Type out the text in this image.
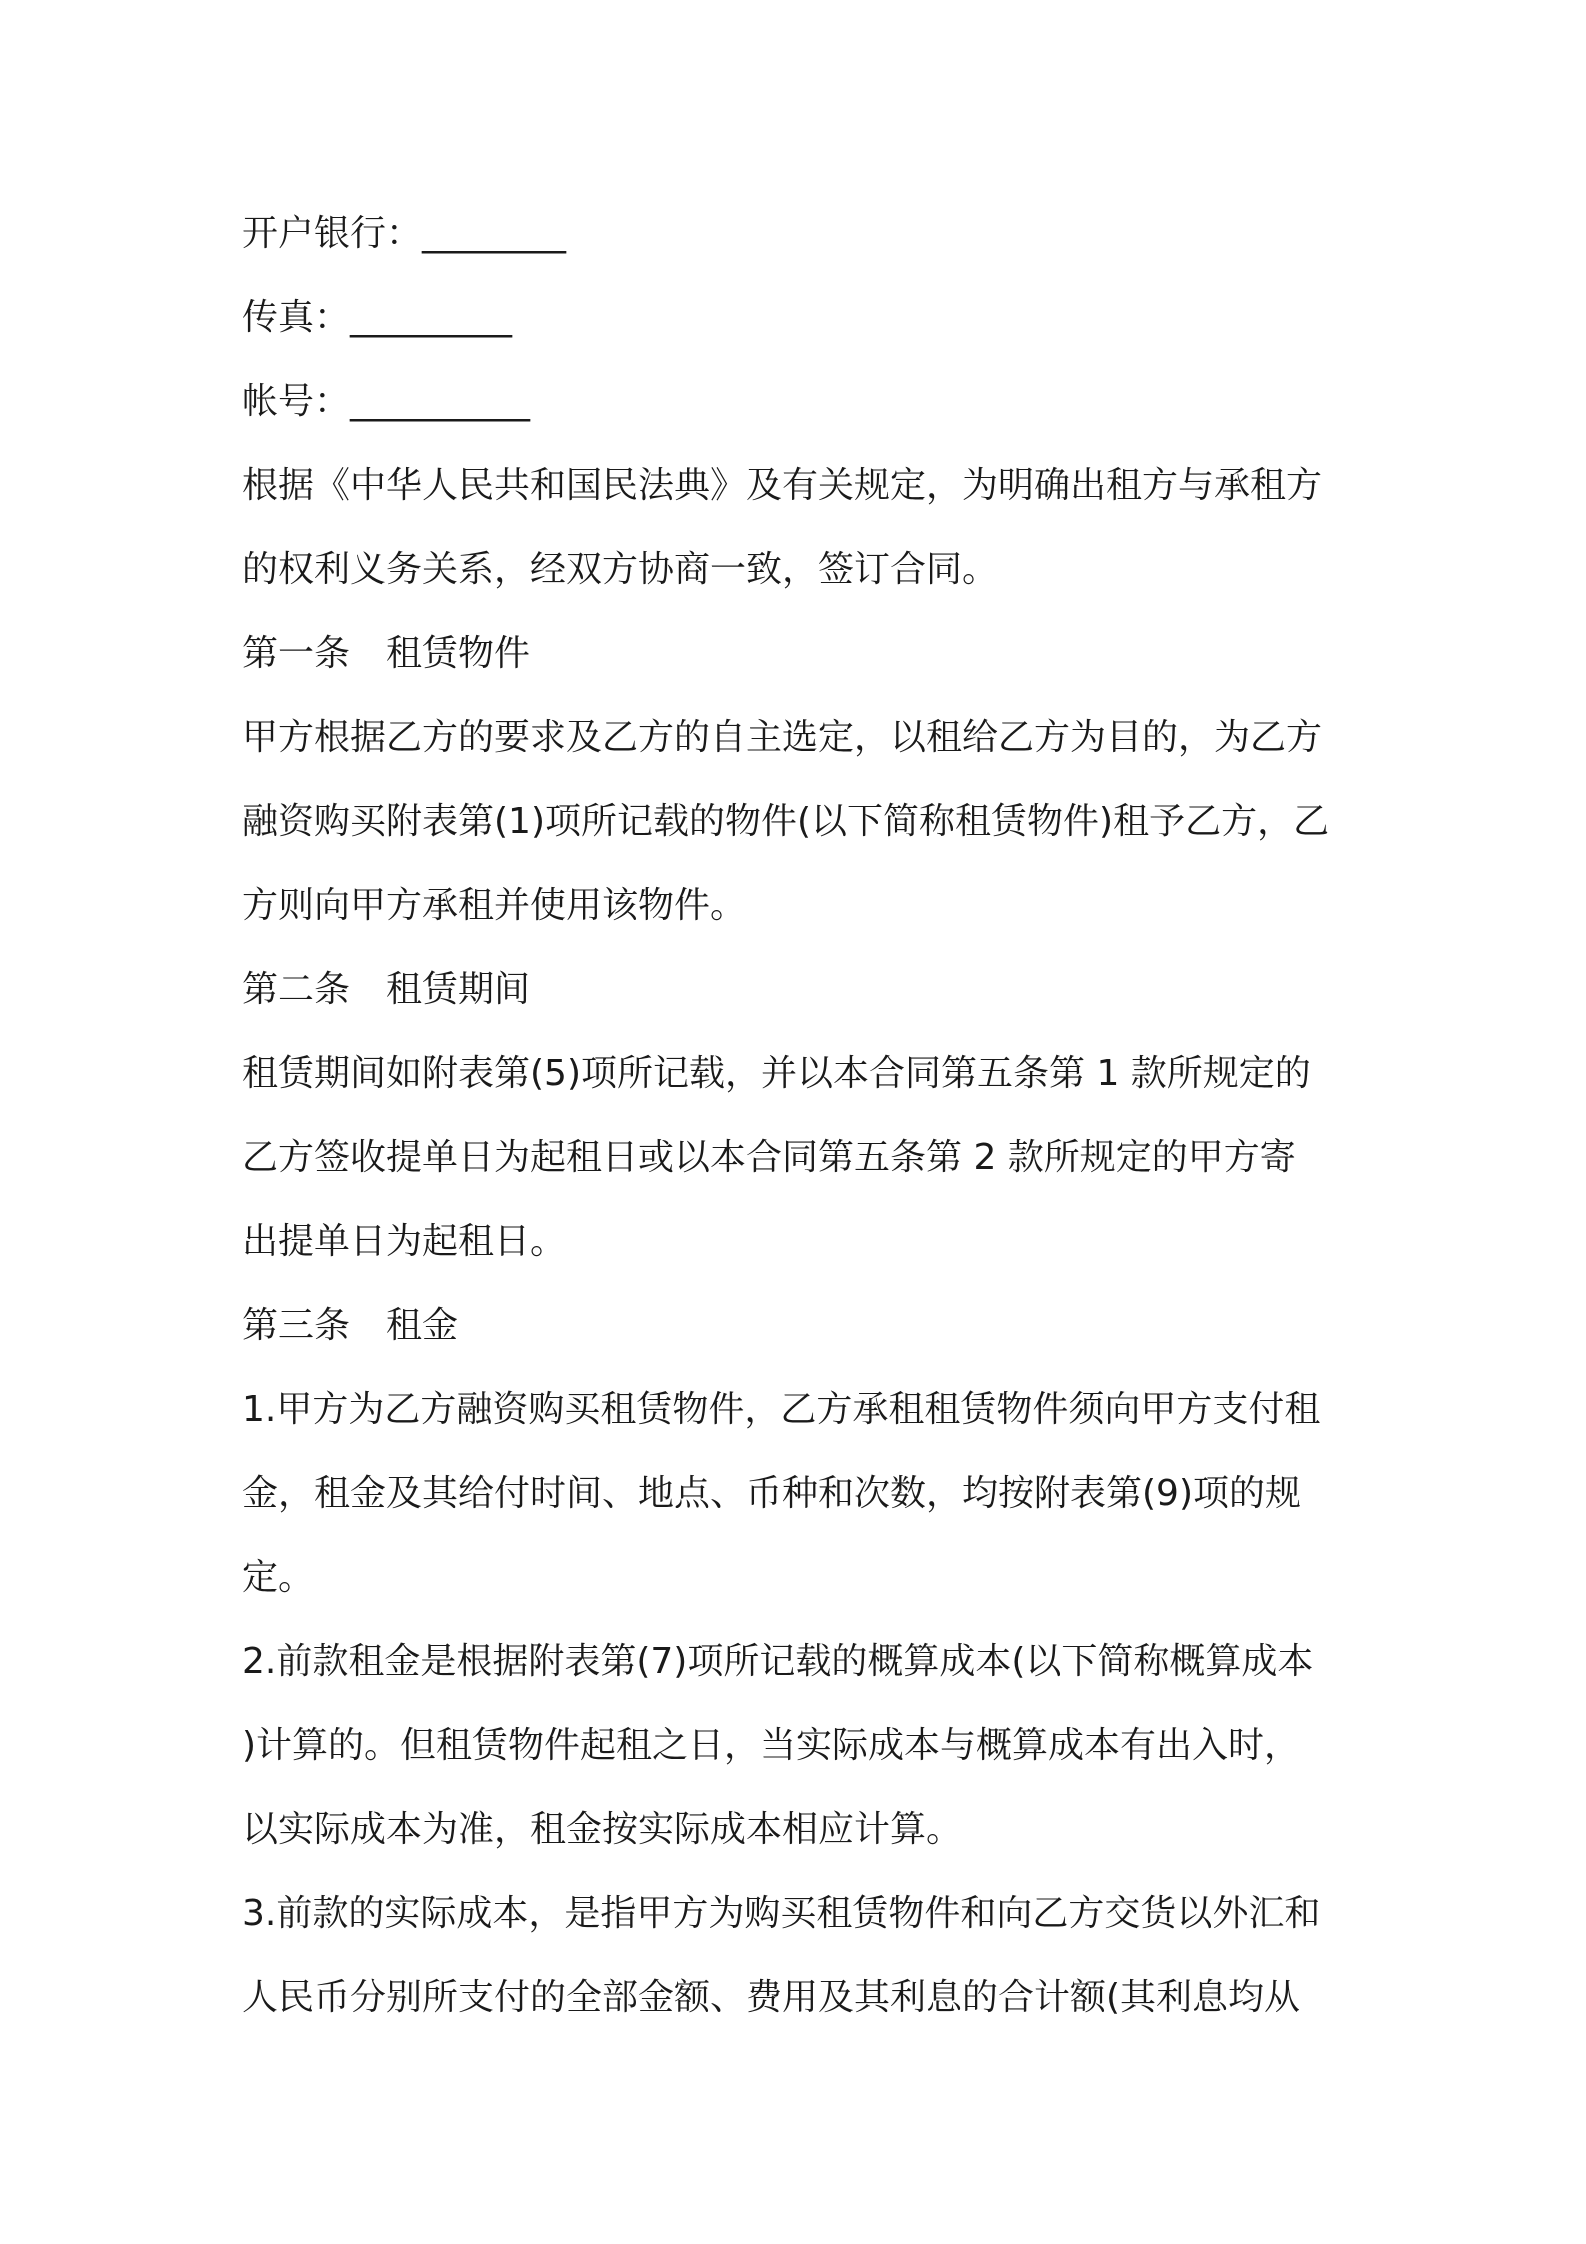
开户银行：________
传真：_________
帐号：__________
根据《中华人民共和国民法典》及有关规定，为明确出租方与承租方
的权利义务关系，经双方协商一致，签订合同。
第一条　租赁物件
甲方根据乙方的要求及乙方的自主选定，以租给乙方为目的，为乙方
融资购买附表第(1)项所记载的物件(以下简称租赁物件)租予乙方，乙
方则向甲方承租并使用该物件。
第二条　租赁期间
租赁期间如附表第(5)项所记载，并以本合同第五条第 1 款所规定的
乙方签收提单日为起租日或以本合同第五条第 2 款所规定的甲方寄
出提单日为起租日。
第三条　租金
1.甲方为乙方融资购买租赁物件，乙方承租租赁物件须向甲方支付租
金，租金及其给付时间、地点、币种和次数，均按附表第(9)项的规
定。
2.前款租金是根据附表第(7)项所记载的概算成本(以下简称概算成本
)计算的。但租赁物件起租之日，当实际成本与概算成本有出入时，
以实际成本为准，租金按实际成本相应计算。
3.前款的实际成本，是指甲方为购买租赁物件和向乙方交货以外汇和
人民币分别所支付的全部金额、费用及其利息的合计额(其利息均从
